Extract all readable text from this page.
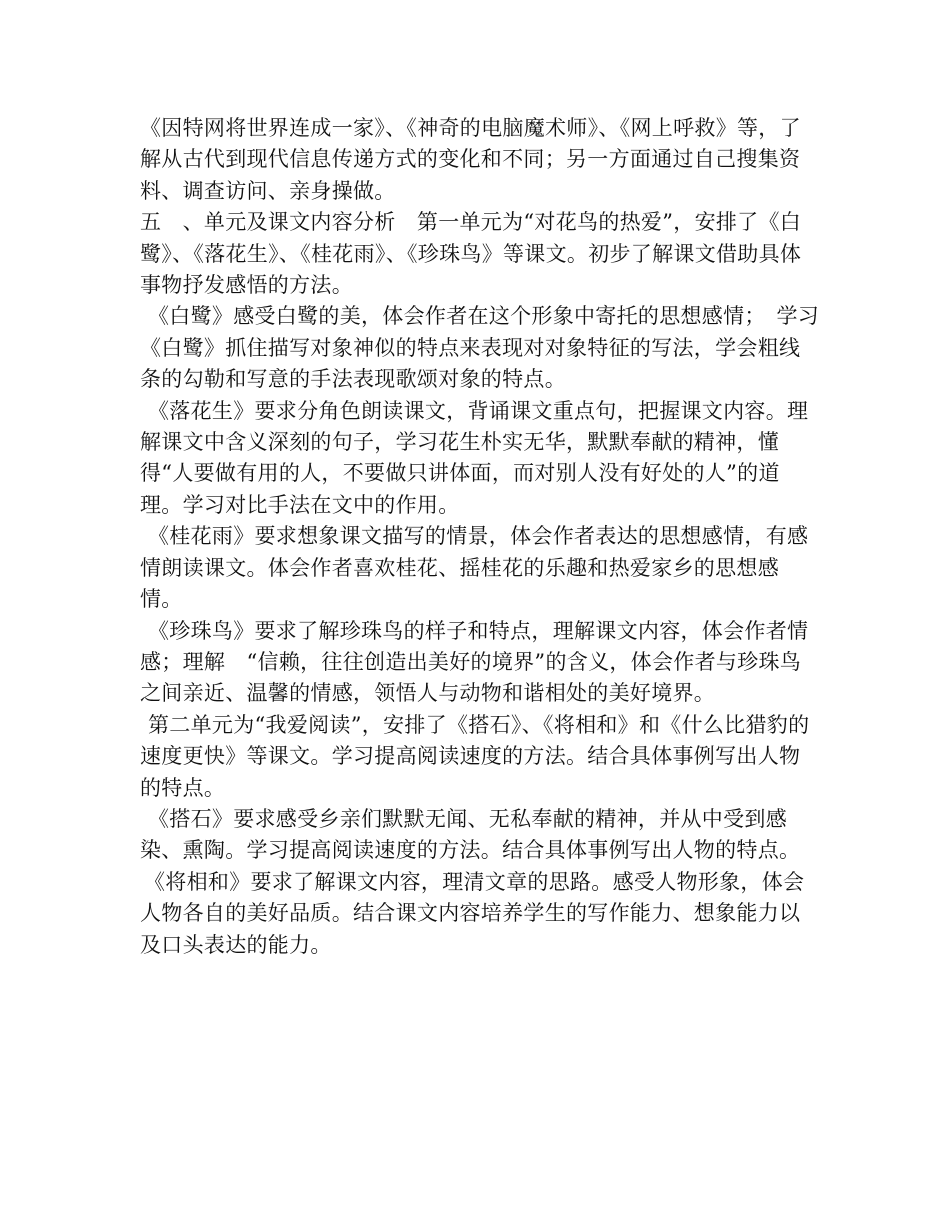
《因特网将世界连成一家》、《神奇的电脑魔术师》、《网上呼救》等，了解从古代到现代信息传递方式的变化和不同；另一方面通过自己搜集资料、调查访问、亲身操做。

五　、单元及课文内容分析　第一单元为“对花鸟的热爱”，安排了《白鹭》、《落花生》、《桂花雨》、《珍珠鸟》等课文。初步了解课文借助具体事物抒发感悟的方法。

《白鹭》感受白鹭的美，体会作者在这个形象中寄托的思想感情；　学习《白鹭》抓住描写对象神似的特点来表现对对象特征的写法，学会粗线条的勾勒和写意的手法表现歌颂对象的特点。

《落花生》要求分角色朗读课文，背诵课文重点句，把握课文内容。理解课文中含义深刻的句子，学习花生朴实无华，默默奉献的精神，懂得“人要做有用的人，不要做只讲体面，而对别人没有好处的人”的道理。学习对比手法在文中的作用。

《桂花雨》要求想象课文描写的情景，体会作者表达的思想感情，有感情朗读课文。体会作者喜欢桂花、摇桂花的乐趣和热爱家乡的思想感情。

《珍珠鸟》要求了解珍珠鸟的样子和特点，理解课文内容，体会作者情感；理解　“信赖，往往创造出美好的境界”的含义，体会作者与珍珠鸟之间亲近、温馨的情感，领悟人与动物和谐相处的美好境界。

第二单元为“我爱阅读”，安排了《搭石》、《将相和》和《什么比猎豹的速度更快》等课文。学习提高阅读速度的方法。结合具体事例写出人物的特点。

《搭石》要求感受乡亲们默默无闻、无私奉献的精神，并从中受到感染、熏陶。学习提高阅读速度的方法。结合具体事例写出人物的特点。

《将相和》要求了解课文内容，理清文章的思路。感受人物形象，体会人物各自的美好品质。结合课文内容培养学生的写作能力、想象能力以及口头表达的能力。
